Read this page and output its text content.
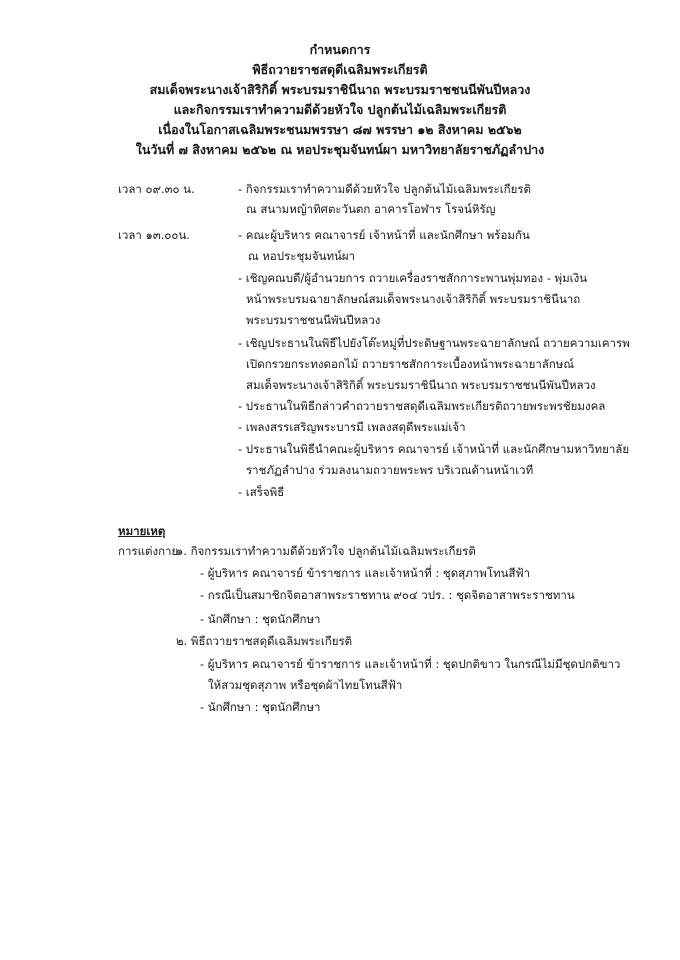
กำหนดการ
พิธีถวายราชสดุดีเฉลิมพระเกียรติ
สมเด็จพระนางเจ้าสิริกิติ์ พระบรมราชินีนาถ พระบรมราชชนนีพันปีหลวง
และกิจกรรมเราทำความดีด้วยหัวใจ ปลูกต้นไม้เฉลิมพระเกียรติ
เนื่องในโอกาสเฉลิมพระชนมพรรษา ๘๗ พรรษา ๑๒ สิงหาคม ๒๕๖๒
ในวันที่ ๗ สิงหาคม ๒๕๖๒ ณ หอประชุมจันทน์ผา มหาวิทยาลัยราชภัฏลำปาง
เวลา ๐๙.๓๐ น.	- กิจกรรมเราทำความดีด้วยหัวใจ ปลูกต้นไม้เฉลิมพระเกียรติ
ณ สนามหญ้าทิศตะวันตก อาคารโอฬาร โรจน์หิรัญ
เวลา ๑๓.๐๐น.	- คณะผู้บริหาร คณาจารย์ เจ้าหน้าที่ และนักศึกษา พร้อมกัน
ณ หอประชุมจันทน์ผา
- เชิญคณบดี/ผู้อำนวยการ ถวายเครื่องราชสักการะพานพุ่มทอง - พุ่มเงิน
หน้าพระบรมฉายาลักษณ์สมเด็จพระนางเจ้าสิริกิติ์ พระบรมราชินีนาถ
พระบรมราชชนนีพันปีหลวง
- เชิญประธานในพิธีไปยังโต๊ะหมู่ที่ประดิษฐานพระฉายาลักษณ์ ถวายความเคารพ
เปิดกรวยกระทงดอกไม้ ถวายราชสักการะเบื้องหน้าพระฉายาลักษณ์
สมเด็จพระนางเจ้าสิริกิติ์ พระบรมราชินีนาถ พระบรมราชชนนีพันปีหลวง
- ประธานในพิธีกล่าวคำถวายราชสดุดีเฉลิมพระเกียรติถวายพระพรชัยมงคล
- เพลงสรรเสริญพระบารมี เพลงสดุดีพระแม่เจ้า
- ประธานในพิธีนำคณะผู้บริหาร คณาจารย์ เจ้าหน้าที่ และนักศึกษามหาวิทยาลัย
ราชภัฏลำปาง ร่วมลงนามถวายพระพร บริเวณด้านหน้าเวที
- เสร็จพิธี
หมายเหตุ
การแต่งกาย
๑. กิจกรรมเราทำความดีด้วยหัวใจ ปลูกต้นไม้เฉลิมพระเกียรติ
- ผู้บริหาร คณาจารย์ ข้าราชการ และเจ้าหน้าที่ : ชุดสุภาพโทนสีฟ้า
- กรณีเป็นสมาชิกจิตอาสาพระราชทาน ๙๐๔ วปร. : ชุดจิตอาสาพระราชทาน
- นักศึกษา : ชุดนักศึกษา
๒. พิธีถวายราชสดุดีเฉลิมพระเกียรติ
- ผู้บริหาร คณาจารย์ ข้าราชการ และเจ้าหน้าที่ : ชุดปกติขาว ในกรณีไม่มีชุดปกติขาว
ให้สวมชุดสุภาพ หรือชุดผ้าไทยโทนสีฟ้า
- นักศึกษา : ชุดนักศึกษา
